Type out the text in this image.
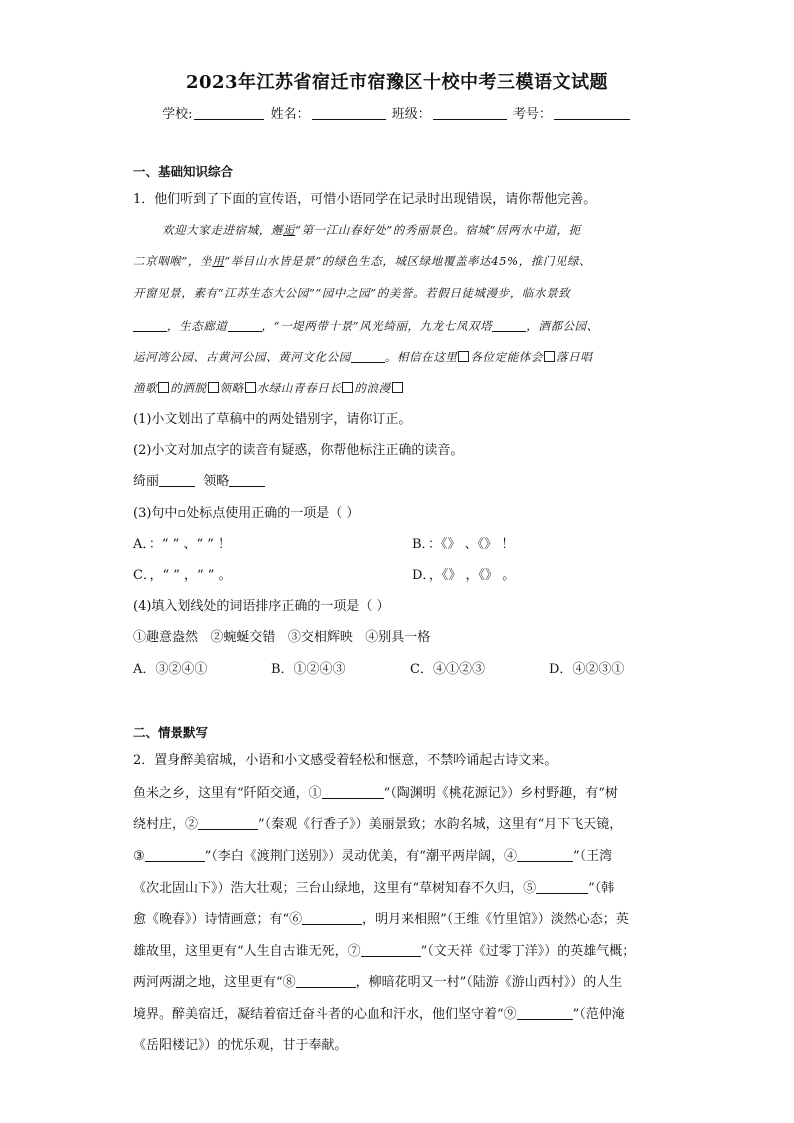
2023年江苏省宿迁市宿豫区十校中考三模语文试题
学校:	姓名：	班级：	考号：
一、基础知识综合
1．他们听到了下面的宣传语，可惜小语同学在记录时出现错误，请你帮他完善。
欢迎大家走进宿城，邂逅“第一江山春好处”的秀丽景色。宿城“居两水中道，扼
二京咽喉”，坐用“举目山水皆是景”的绿色生态，城区绿地覆盖率达45%，推门见绿、
开窗见景，素有“江苏生态大公园”“园中之园”的美誉。若假日徒城漫步，临水景致
，生态廊道	，“一堤两带十景”风光绮丽，九龙七凤双塔	，酒都公园、
运河湾公园、古黄河公园、黄河文化公园	。相信在这里 各位定能体会 落日唱
渔歌 的洒脱 领略 水绿山青春日长 的浪漫
(1)小文划出了草稿中的两处错别字，请你订正。
(2)小文对加点字的读音有疑惑，你帮他标注正确的读音。
绮丽	领略
(3)句中▫处标点使用正确的一项是（ ）
A．：“ ” 、“ ” ！	B．：《》 、《》 ！
C．，“ ” ，“ ” 。	D．，《》 ，《》 。
(4)填入划线处的词语排序正确的一项是（ ）
①趣意盎然 ②蜿蜒交错 ③交相辉映 ④别具一格
A．③②④①	B．①②④③	C．④①②③	D．④②③①
二、情景默写
2．置身醉美宿城，小语和小文感受着轻松和惬意，不禁吟诵起古诗文来。
鱼米之乡，这里有“阡陌交通，①	”（陶渊明《桃花源记》）乡村野趣，有“树
绕村庄，②	”（秦观《行香子》）美丽景致；水韵名城，这里有“月下飞天镜，
③	”（李白《渡荆门送别》）灵动优美，有“潮平两岸阔，④	”（王湾
《次北固山下》）浩大壮观；三台山绿地，这里有“草树知春不久归，⑤	”（韩
愈《晚春》）诗情画意；有“⑥	，明月来相照”（王维《竹里馆》）淡然心态；英
雄故里，这里更有“人生自古谁无死，⑦	”（文天祥《过零丁洋》）的英雄气概；
两河两湖之地，这里更有“⑧	，柳暗花明又一村”（陆游《游山西村》）的人生
境界。醉美宿迁，凝结着宿迁奋斗者的心血和汗水，他们坚守着“⑨	”（范仲淹
《岳阳楼记》）的忧乐观，甘于奉献。
